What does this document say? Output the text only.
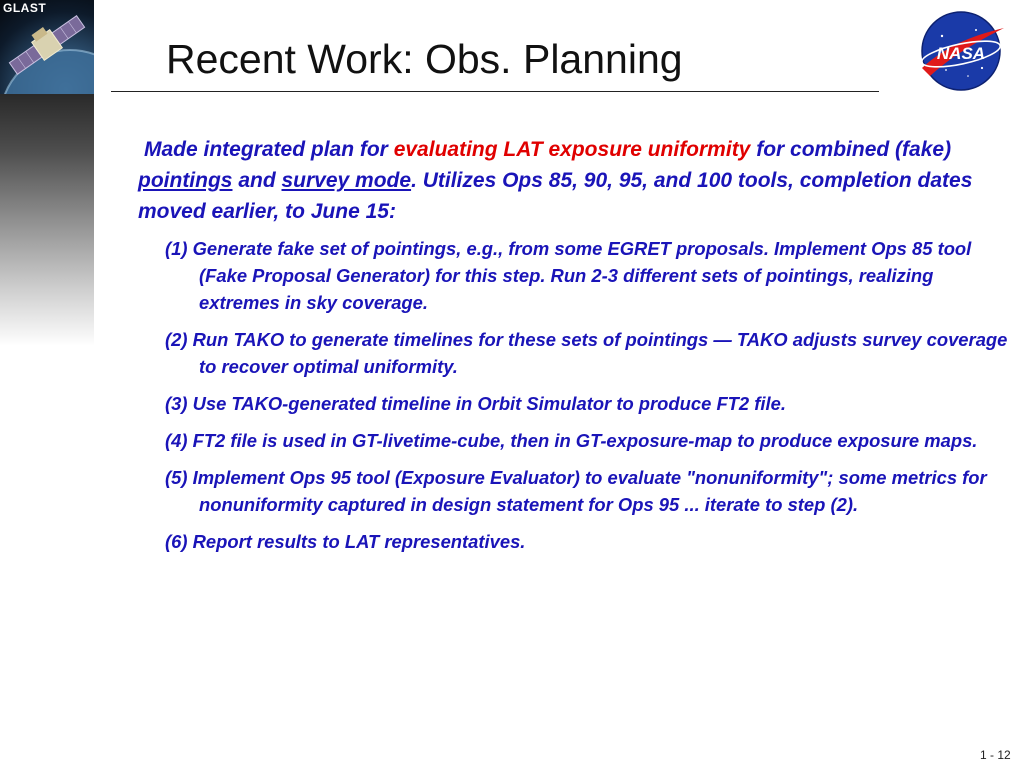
GLAST
Recent Work: Obs. Planning	NASA

Made integrated plan for evaluating LAT exposure uniformity for combined (fake) pointings and survey mode. Utilizes Ops 85, 90, 95, and 100 tools, completion dates moved earlier, to June 15:

(1) Generate fake set of pointings, e.g., from some EGRET proposals. Implement Ops 85 tool (Fake Proposal Generator) for this step. Run 2-3 different sets of pointings, realizing extremes in sky coverage.
(2) Run TAKO to generate timelines for these sets of pointings — TAKO adjusts survey coverage to recover optimal uniformity.
(3) Use TAKO-generated timeline in Orbit Simulator to produce FT2 file.
(4) FT2 file is used in GT-livetime-cube, then in GT-exposure-map to produce exposure maps.
(5) Implement Ops 95 tool (Exposure Evaluator) to evaluate "nonuniformity"; some metrics for nonuniformity captured in design statement for Ops 95 ... iterate to step (2).
(6) Report results to LAT representatives.
1 - 12
